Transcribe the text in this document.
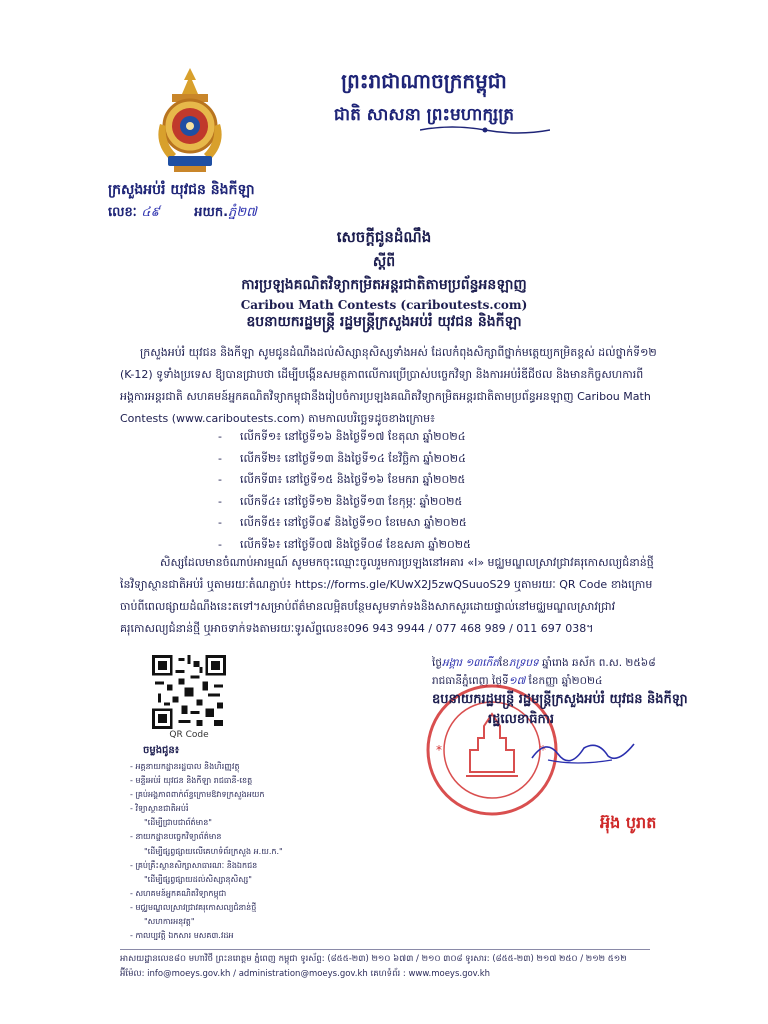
ព្រះរាជាណាចក្រកម្ពុជា
ជាតិ សាសនា ព្រះមហាក្សត្រ
ក្រសួងអប់រំ យុវជន និងកីឡា
លេខៈ ៤៩	អយក.ភ្នំ២៧
សេចក្ដីជូនដំណឹង
ស្ដីពី
ការប្រឡងគណិតវិទ្យាកម្រិតអន្តរជាតិតាមប្រព័ន្ធអនឡាញ
Caribou Math Contests (cariboutests.com)
ឧបនាយករដ្ឋមន្ត្រី រដ្ឋមន្ត្រីក្រសួងអប់រំ យុវជន និងកីឡា
ក្រសួងអប់រំ យុវជន និងកីឡា សូមជូនដំណឹងដល់សិស្សានុសិស្សទាំងអស់ ដែលកំពុងសិក្សាពីថ្នាក់មត្តេយ្យកម្រិតខ្ពស់ ដល់ថ្នាក់ទី១២ (K-12) ទូទាំងប្រទេស ឱ្យបានជ្រាបថា ដើម្បីបង្កើនសមត្ថភាពលើការប្រើប្រាស់បច្ចេកវិទ្យា និងការអប់រំឌីជីថល និងមានកិច្ចសហការពីអង្គការអន្តរជាតិ សហគមន៍អ្នកគណិតវិទ្យាកម្ពុជានឹងរៀបចំការប្រឡងគណិតវិទ្យាកម្រិតអន្តរជាតិតាមប្រព័ន្ធអនឡាញ Caribou Math Contests (www.cariboutests.com) តាមកាលបរិច្ឆេទដូចខាងក្រោម៖
-	លើកទី១៖ នៅថ្ងៃទី១៦ និងថ្ងៃទី១៧ ខែតុលា ឆ្នាំ២០២៤
-	លើកទី២៖ នៅថ្ងៃទី១៣ និងថ្ងៃទី១៤ ខែវិច្ឆិកា ឆ្នាំ២០២៤
-	លើកទី៣៖ នៅថ្ងៃទី១៥ និងថ្ងៃទី១៦ ខែមករា ឆ្នាំ២០២៥
-	លើកទី៤៖ នៅថ្ងៃទី១២ និងថ្ងៃទី១៣ ខែកុម្ភៈ ឆ្នាំ២០២៥
-	លើកទី៥៖ នៅថ្ងៃទី០៩ និងថ្ងៃទី១០ ខែមេសា ឆ្នាំ២០២៥
-	លើកទី៦៖ នៅថ្ងៃទី០៧ និងថ្ងៃទី០៨ ខែឧសភា ឆ្នាំ២០២៥
សិស្សដែលមានចំណាប់អារម្មណ៍ សូមមកចុះឈ្មោះចូលរួមការប្រឡងនៅអគារ «I» មជ្ឈមណ្ឌលស្រាវជ្រាវគរុកោសល្យជំនាន់ថ្មីនៃវិទ្យាស្ថានជាតិអប់រំ ឬតាមរយៈតំណភ្ជាប់៖ https://forms.gle/KUwX2J5zwQSuuoS29 ឬតាមរយៈ QR Code ខាងក្រោមចាប់ពីពេលផ្សាយដំណឹងនេះតទៅ។សម្រាប់ព័ត៌មានលម្អិតបន្ថែមសូមទាក់ទងនិងសាកសួរដោយផ្ទាល់នៅមជ្ឈមណ្ឌលស្រាវជ្រាវគរុកោសល្យជំនាន់ថ្មី ឬអាចទាក់ទងតាមរយៈទូរស័ព្ទលេខ៖096 943 9944 / 077 468 989 / 011 697 038។
QR Code
ចម្លងជូន៖
- អគ្គនាយកដ្ឋានរដ្ឋបាល និងហិរញ្ញវត្ថុ
- មន្ទីរអប់រំ យុវជន និងកីឡា រាជធានី-ខេត្ត
- គ្រប់អង្គភាពពាក់ព័ន្ធក្រោមឱវាទក្រសួងអយក
- វិទ្យាស្ថានជាតិអប់រំ
"ដើម្បីជ្រាបជាព័ត៌មាន"
- នាយកដ្ឋានបច្ចេកវិទ្យាព័ត៌មាន
"ដើម្បីផ្សព្វផ្សាយលើគេហទំព័រក្រសួង អ.យ.ក."
- គ្រប់គ្រឹះស្ថានសិក្សាសាធារណៈ និងឯកជន
"ដើម្បីផ្សព្វផ្សាយដល់សិស្សានុសិស្ស"
- សហគមន៍អ្នកគណិតវិទ្យាកម្ពុជា
- មជ្ឈមណ្ឌលស្រាវជ្រាវគរុកោសល្យជំនាន់ថ្មី
"សហការអនុវត្ត"
- កាលប្បវត្តិ ឯកសារ មសគ៣.វដអ
ថ្ងៃអង្គារ ១៣កើតខែភទ្របទ ឆ្នាំរោង ឆស័ក ព.ស. ២៥៦៨
រាជធានីភ្នំពេញ ថ្ងៃទី១៧ ខែកញ្ញា ឆ្នាំ២០២៤
*	*
ឧបនាយករដ្ឋមន្ត្រី រដ្ឋមន្ត្រីក្រសួងអប់រំ យុវជន និងកីឡា
រដ្ឋលេខាធិការ
អ៊ុង បូរាត
អាសយដ្ឋានលេខ៨០ មហាវិថី ព្រះនរោត្តម ភ្នំពេញ កម្ពុជា ទូរស័ព្ទ: (៨៥៥-២៣) ២១០ ៦៧៣ / ២១០ ៣០៨ ទូរសារ: (៨៥៥-២៣) ២១៧ ២៥០ / ២១២ ៥១២
អ៊ីម៉ែល: info@moeys.gov.kh / administration@moeys.gov.kh គេហទំព័រ : www.moeys.gov.kh
